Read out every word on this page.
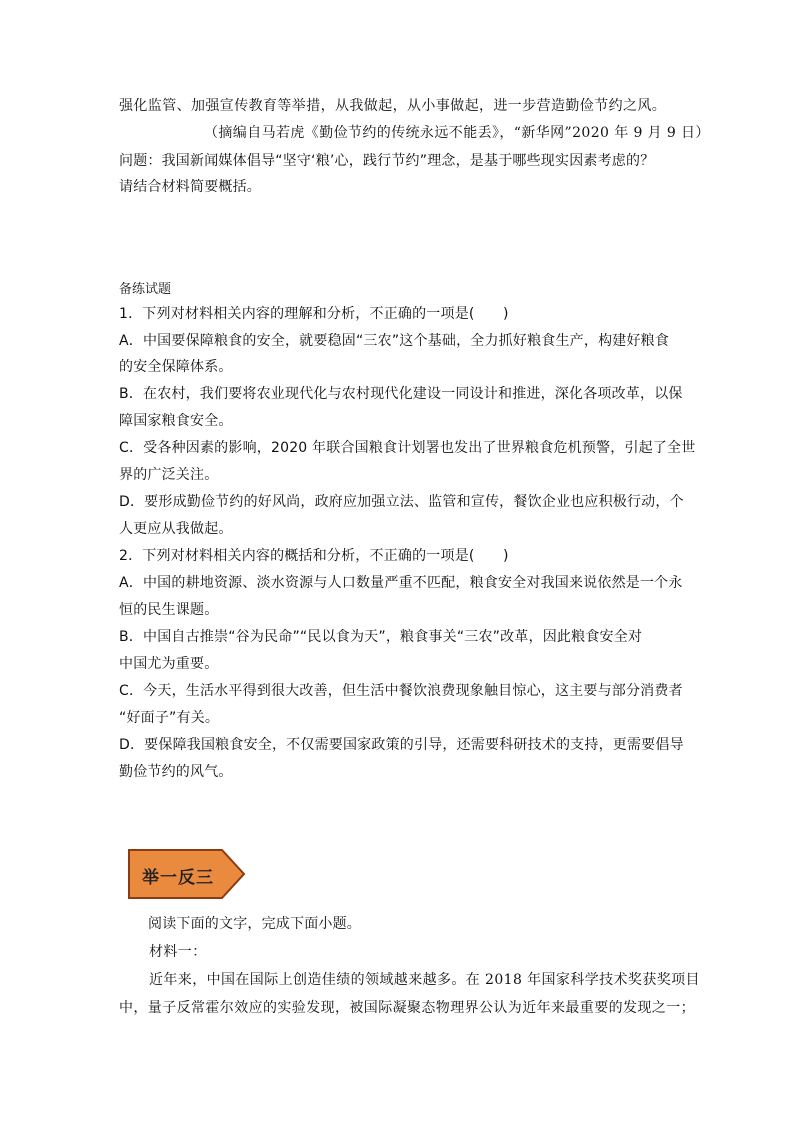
强化监管、加强宣传教育等举措，从我做起，从小事做起，进一步营造勤俭节约之风。
（摘编自马若虎《勤俭节约的传统永远不能丢》，“新华网”2020 年 9 月 9 日）
问题：我国新闻媒体倡导“坚守‘粮’心，践行节约”理念，是基于哪些现实因素考虑的？
请结合材料简要概括。
备练试题
1．下列对材料相关内容的理解和分析，不正确的一项是(　　)
A．中国要保障粮食的安全，就要稳固“三农”这个基础，全力抓好粮食生产，构建好粮食
的安全保障体系。
B．在农村，我们要将农业现代化与农村现代化建设一同设计和推进，深化各项改革，以保
障国家粮食安全。
C．受各种因素的影响，2020 年联合国粮食计划署也发出了世界粮食危机预警，引起了全世
界的广泛关注。
D．要形成勤俭节约的好风尚，政府应加强立法、监管和宣传，餐饮企业也应积极行动，个
人更应从我做起。
2．下列对材料相关内容的概括和分析，不正确的一项是(　　)
A．中国的耕地资源、淡水资源与人口数量严重不匹配，粮食安全对我国来说依然是一个永
恒的民生课题。
B．中国自古推崇“谷为民命”“民以食为天”，粮食事关“三农”改革，因此粮食安全对
中国尤为重要。
C．今天，生活水平得到很大改善，但生活中餐饮浪费现象触目惊心，这主要与部分消费者
“好面子”有关。
D．要保障我国粮食安全，不仅需要国家政策的引导，还需要科研技术的支持，更需要倡导
勤俭节约的风气。
举一反三
阅读下面的文字，完成下面小题。
材料一：
近年来，中国在国际上创造佳绩的领域越来越多。在 2018 年国家科学技术奖获奖项目
中，量子反常霍尔效应的实验发现，被国际凝聚态物理界公认为近年来最重要的发现之一；
